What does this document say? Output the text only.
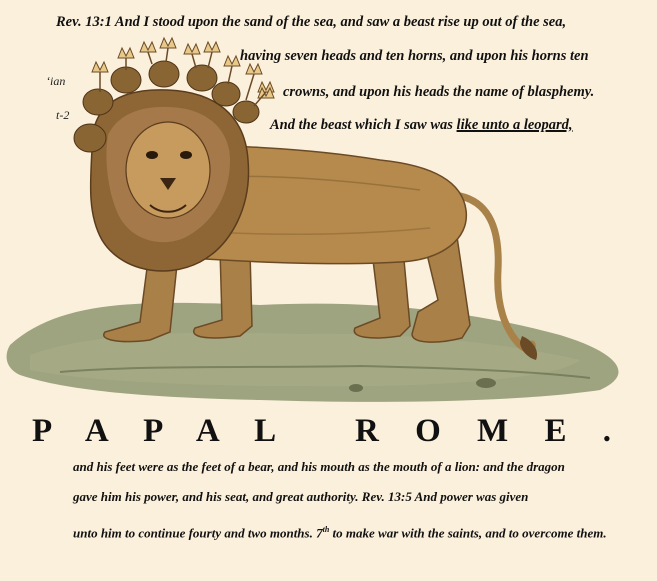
Rev. 13:1 And I stood upon the sand of the sea, and saw a beast rise up out of the sea,

having seven heads and ten horns, and upon his horns ten

crowns, and upon his heads the name of blasphemy.

And the beast which I saw was like unto a leopard,

‘ian

t-2

P A P A L   R O M E .

and his feet were as the feet of a bear, and his mouth as the mouth of a lion: and the dragon

gave him his power, and his seat, and great authority. Rev. 13:5 And power was given

unto him to continue fourty and two months. 7th to make war with the saints, and to overcome them.
